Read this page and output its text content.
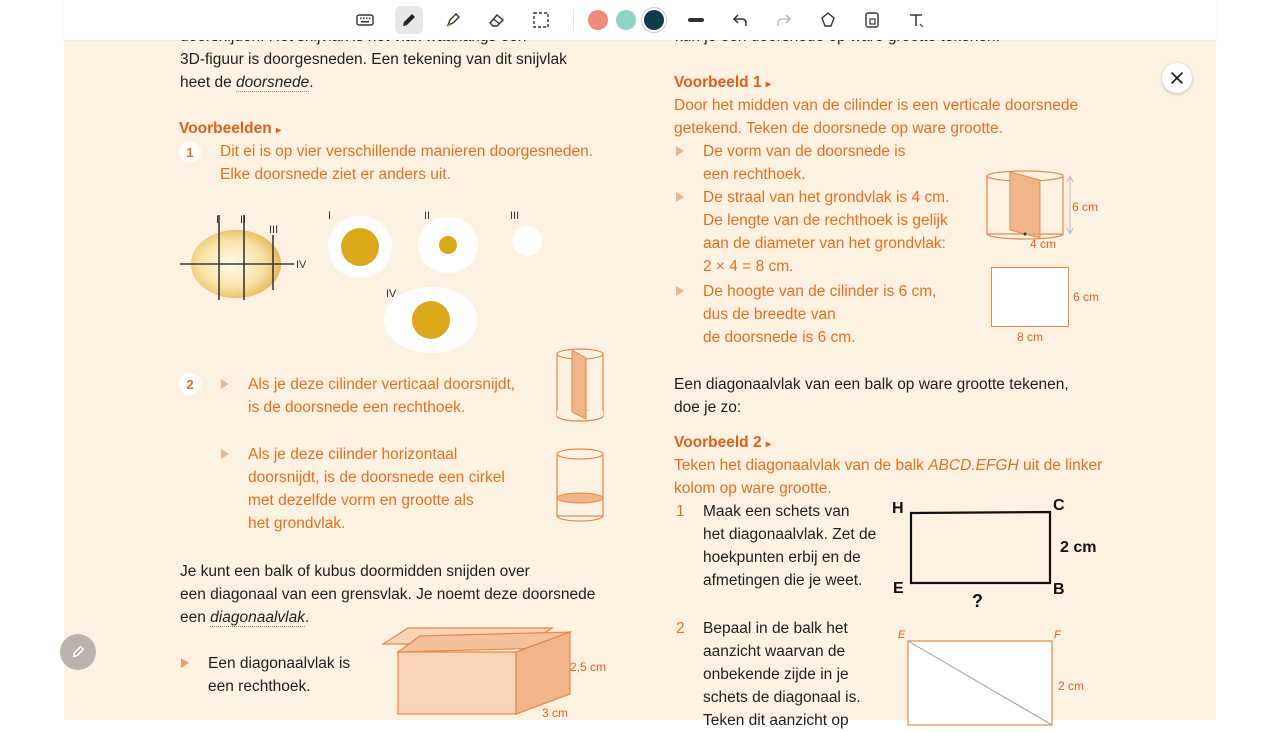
3D-figuur is doorgesneden. Een tekening van dit snijvlak
heet de doorsnede.
Voorbeelden ▸
1	Dit ei is op vier verschillende manieren doorgesneden.
Elke doorsnede ziet er anders uit.
I II
III
IV
I	II	III
IV
2	Als je deze cilinder verticaal doorsnijdt,
is de doorsnede een rechthoek.
Als je deze cilinder horizontaal
doorsnijdt, is de doorsnede een cirkel
met dezelfde vorm en grootte als
het grondvlak.
Je kunt een balk of kubus doormidden snijden over
een diagonaal van een grensvlak. Je noemt deze doorsnede
een diagonaalvlak.
Een diagonaalvlak is
een rechthoek.
2,5 cm
3 cm
Voorbeeld 1 ▸
Door het midden van de cilinder is een verticale doorsnede
getekend. Teken de doorsnede op ware grootte.
De vorm van de doorsnede is
een rechthoek.
De straal van het grondvlak is 4 cm.
De lengte van de rechthoek is gelijk
aan de diameter van het grondvlak:
2 × 4 = 8 cm.
De hoogte van de cilinder is 6 cm,
dus de breedte van
de doorsnede is 6 cm.
6 cm
4 cm
6 cm
8 cm
Een diagonaalvlak van een balk op ware grootte tekenen,
doe je zo:
Voorbeeld 2 ▸
Teken het diagonaalvlak van de balk ABCD.EFGH uit de linker
kolom op ware grootte.
1 Maak een schets van
het diagonaalvlak. Zet de
hoekpunten erbij en de
afmetingen die je weet.
H	C
E	B
2 cm
?
2 Bepaal in de balk het
aanzicht waarvan de
onbekende zijde in je
schets de diagonaal is.
Teken dit aanzicht op
E	F
2 cm
